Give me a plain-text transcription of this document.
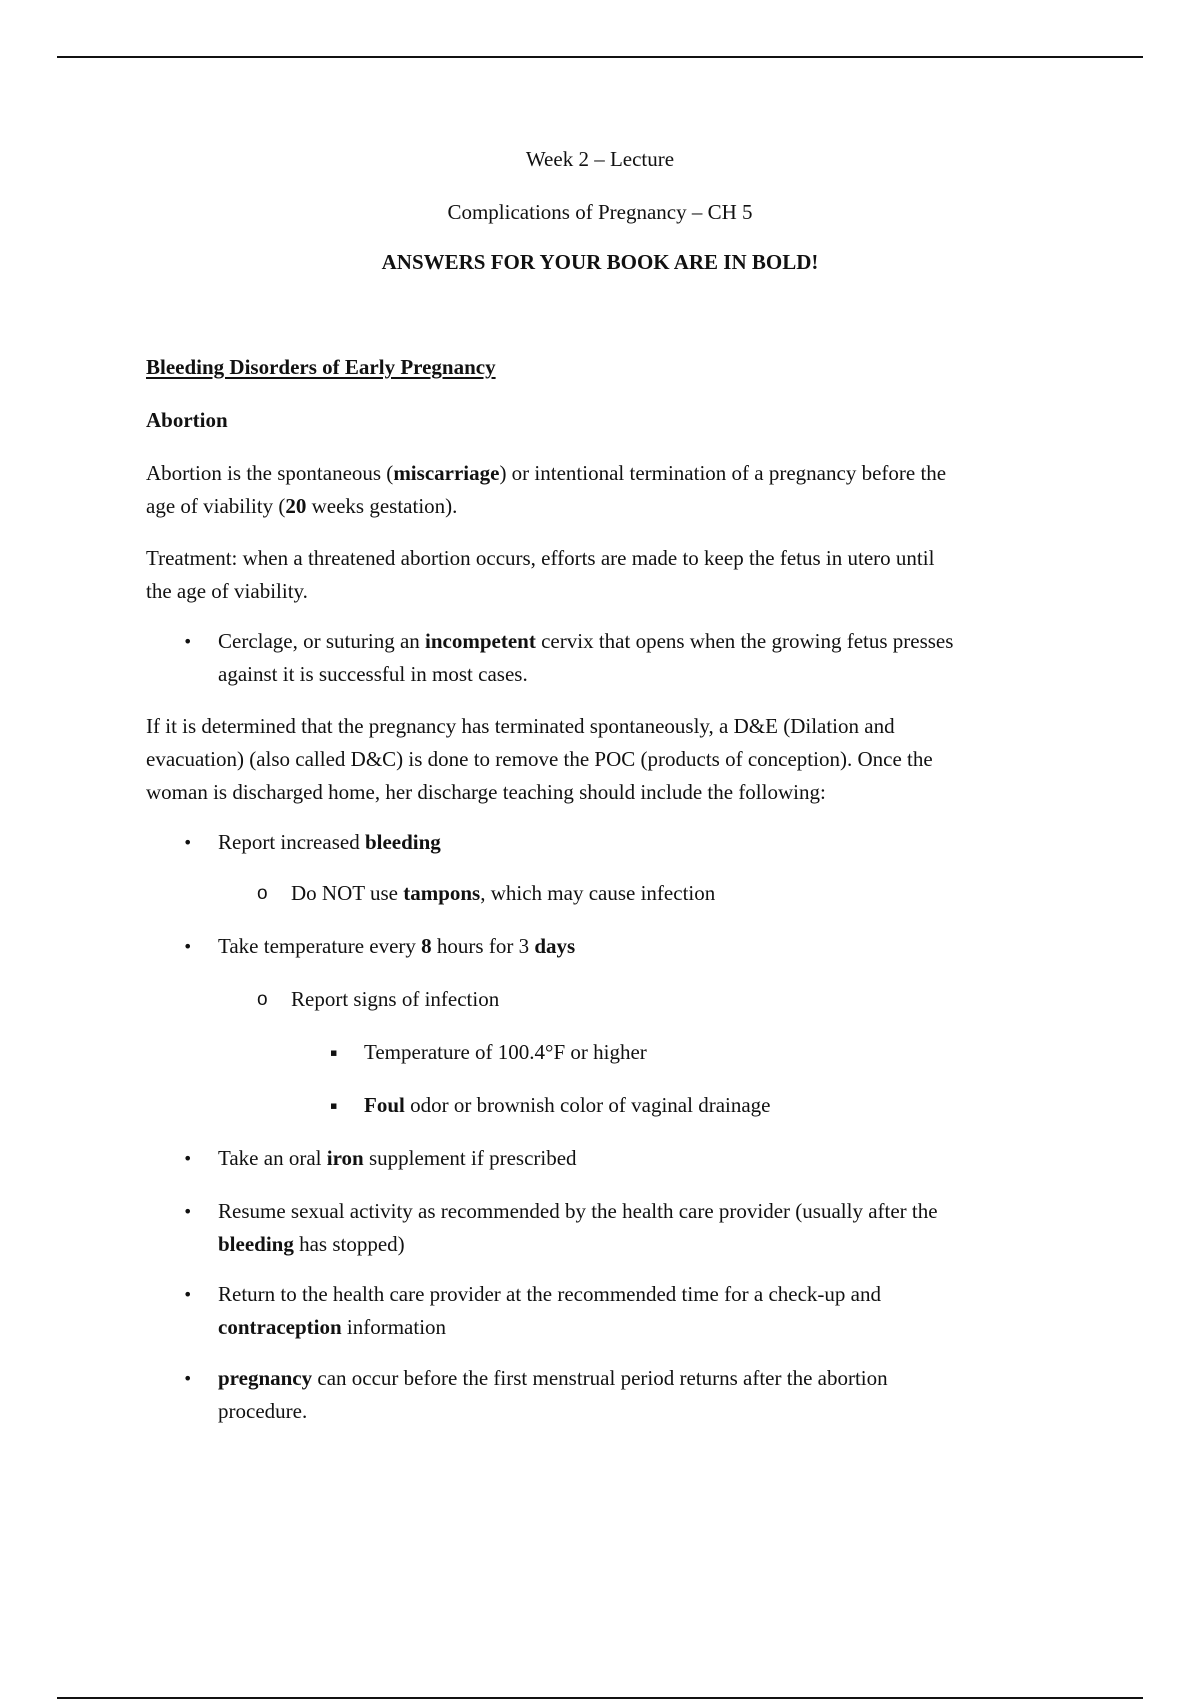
Week 2 – Lecture
Complications of Pregnancy – CH 5
ANSWERS FOR YOUR BOOK ARE IN BOLD!
Bleeding Disorders of Early Pregnancy
Abortion
Abortion is the spontaneous (miscarriage) or intentional termination of a pregnancy before the
age of viability (20 weeks gestation).
Treatment: when a threatened abortion occurs, efforts are made to keep the fetus in utero until
the age of viability.
• Cerclage, or suturing an incompetent cervix that opens when the growing fetus presses
against it is successful in most cases.
If it is determined that the pregnancy has terminated spontaneously, a D&E (Dilation and
evacuation) (also called D&C) is done to remove the POC (products of conception). Once the
woman is discharged home, her discharge teaching should include the following:
• Report increased bleeding
o Do NOT use tampons, which may cause infection
• Take temperature every 8 hours for 3 days
o Report signs of infection
▪ Temperature of 100.4°F or higher
▪ Foul odor or brownish color of vaginal drainage
• Take an oral iron supplement if prescribed
• Resume sexual activity as recommended by the health care provider (usually after the
bleeding has stopped)
• Return to the health care provider at the recommended time for a check-up and
contraception information
• pregnancy can occur before the first menstrual period returns after the abortion
procedure.
